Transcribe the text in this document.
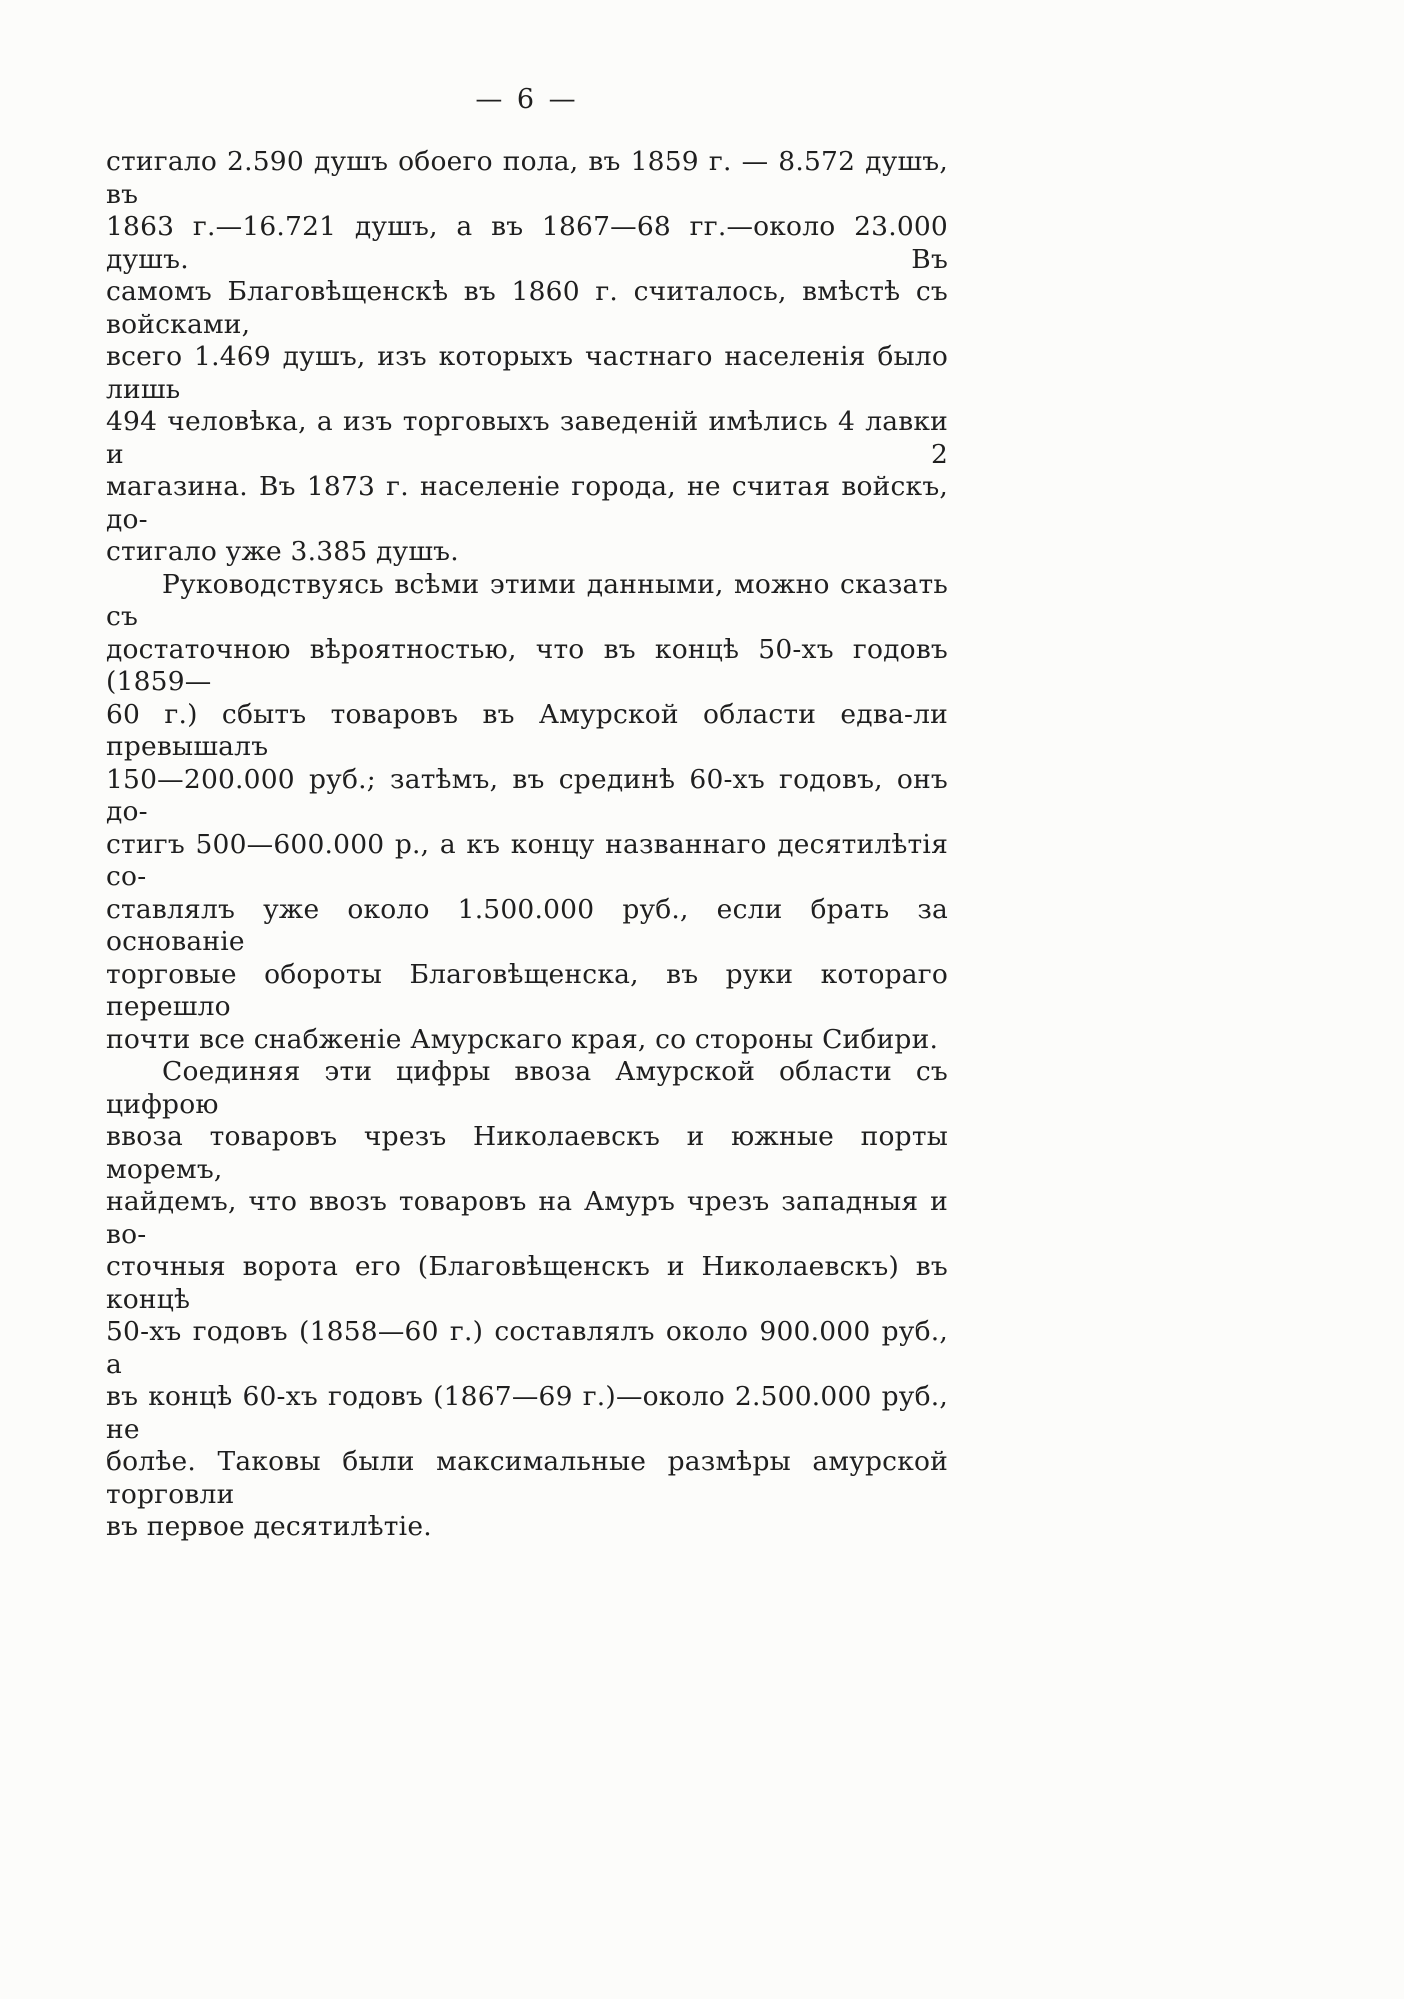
— 6 —

стигало 2.590 душъ обоего пола, въ 1859 г. — 8.572 душъ, въ
1863 г.—16.721 душъ, а въ 1867—68 гг.—около 23.000 душъ. Въ
самомъ Благовѣщенскѣ въ 1860 г. считалось, вмѣстѣ съ войсками,
всего 1.469 душъ, изъ которыхъ частнаго населенія было лишь
494 человѣка, а изъ торговыхъ заведеній имѣлись 4 лавки и 2
магазина. Въ 1873 г. населеніе города, не считая войскъ, до-
стигало уже 3.385 душъ.

Руководствуясь всѣми этими данными, можно сказать съ
достаточною вѣроятностью, что въ концѣ 50-хъ годовъ (1859—
60 г.) сбытъ товаровъ въ Амурской области едва-ли превышалъ
150—200.000 руб.; затѣмъ, въ срединѣ 60-хъ годовъ, онъ до-
стигъ 500—600.000 р., а къ концу названнаго десятилѣтія со-
ставлялъ уже около 1.500.000 руб., если брать за основаніе
торговые обороты Благовѣщенска, въ руки котораго перешло
почти все снабженіе Амурскаго края, со стороны Сибири.

Соединяя эти цифры ввоза Амурской области съ цифрою
ввоза товаровъ чрезъ Николаевскъ и южные порты моремъ,
найдемъ, что ввозъ товаровъ на Амуръ чрезъ западныя и во-
сточныя ворота его (Благовѣщенскъ и Николаевскъ) въ концѣ
50-хъ годовъ (1858—60 г.) составлялъ около 900.000 руб., а
въ концѣ 60-хъ годовъ (1867—69 г.)—около 2.500.000 руб., не
болѣе. Таковы были максимальные размѣры амурской торговли
въ первое десятилѣтіе.
